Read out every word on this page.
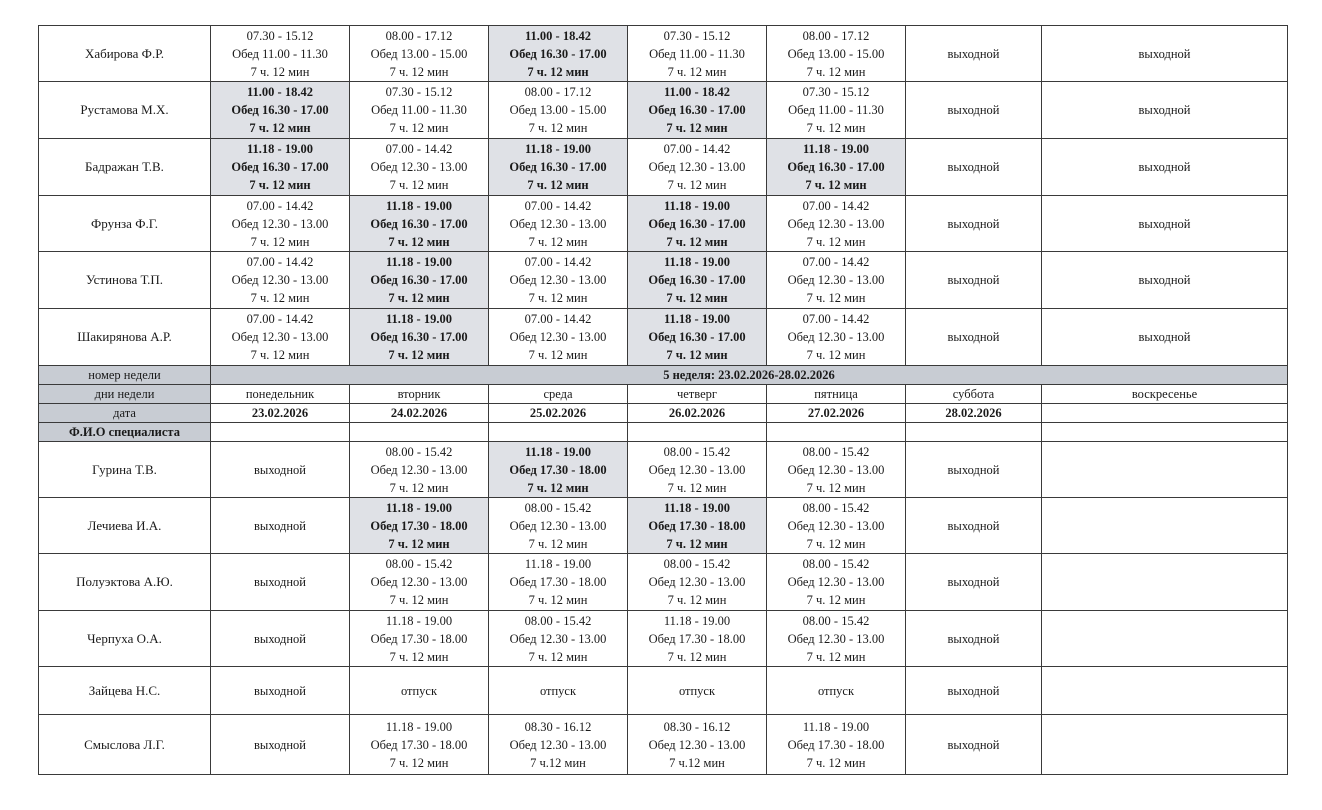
Хабирова Ф.Р.	07.30 - 15.12
Обед 11.00 - 11.30
7 ч. 12 мин	08.00 - 17.12
Обед 13.00 - 15.00
7 ч. 12 мин	11.00 - 18.42
Обед 16.30 - 17.00
7 ч. 12 мин	07.30 - 15.12
Обед 11.00 - 11.30
7 ч. 12 мин	08.00 - 17.12
Обед 13.00 - 15.00
7 ч. 12 мин	выходной	выходной
Рустамова М.Х.	11.00 - 18.42
Обед 16.30 - 17.00
7 ч. 12 мин	07.30 - 15.12
Обед 11.00 - 11.30
7 ч. 12 мин	08.00 - 17.12
Обед 13.00 - 15.00
7 ч. 12 мин	11.00 - 18.42
Обед 16.30 - 17.00
7 ч. 12 мин	07.30 - 15.12
Обед 11.00 - 11.30
7 ч. 12 мин	выходной	выходной
Бадражан Т.В.	11.18 - 19.00
Обед 16.30 - 17.00
7 ч. 12 мин	07.00 - 14.42
Обед 12.30 - 13.00
7 ч. 12 мин	11.18 - 19.00
Обед 16.30 - 17.00
7 ч. 12 мин	07.00 - 14.42
Обед 12.30 - 13.00
7 ч. 12 мин	11.18 - 19.00
Обед 16.30 - 17.00
7 ч. 12 мин	выходной	выходной
Фрунза Ф.Г.	07.00 - 14.42
Обед 12.30 - 13.00
7 ч. 12 мин	11.18 - 19.00
Обед 16.30 - 17.00
7 ч. 12 мин	07.00 - 14.42
Обед 12.30 - 13.00
7 ч. 12 мин	11.18 - 19.00
Обед 16.30 - 17.00
7 ч. 12 мин	07.00 - 14.42
Обед 12.30 - 13.00
7 ч. 12 мин	выходной	выходной
Устинова Т.П.	07.00 - 14.42
Обед 12.30 - 13.00
7 ч. 12 мин	11.18 - 19.00
Обед 16.30 - 17.00
7 ч. 12 мин	07.00 - 14.42
Обед 12.30 - 13.00
7 ч. 12 мин	11.18 - 19.00
Обед 16.30 - 17.00
7 ч. 12 мин	07.00 - 14.42
Обед 12.30 - 13.00
7 ч. 12 мин	выходной	выходной
Шакирянова А.Р.	07.00 - 14.42
Обед 12.30 - 13.00
7 ч. 12 мин	11.18 - 19.00
Обед 16.30 - 17.00
7 ч. 12 мин	07.00 - 14.42
Обед 12.30 - 13.00
7 ч. 12 мин	11.18 - 19.00
Обед 16.30 - 17.00
7 ч. 12 мин	07.00 - 14.42
Обед 12.30 - 13.00
7 ч. 12 мин	выходной	выходной
номер недели	5 неделя: 23.02.2026-28.02.2026						
дни недели	понедельник	вторник	среда	четверг	пятница	суббота	воскресенье
дата	23.02.2026	24.02.2026	25.02.2026	26.02.2026	27.02.2026	28.02.2026	
Ф.И.О специалиста							
Гурина Т.В.	выходной	08.00 - 15.42
Обед 12.30 - 13.00
7 ч. 12 мин	11.18 - 19.00
Обед 17.30 - 18.00
7 ч. 12 мин	08.00 - 15.42
Обед 12.30 - 13.00
7 ч. 12 мин	08.00 - 15.42
Обед 12.30 - 13.00
7 ч. 12 мин	выходной	
Лечиева И.А.	выходной	11.18 - 19.00
Обед 17.30 - 18.00
7 ч. 12 мин	08.00 - 15.42
Обед 12.30 - 13.00
7 ч. 12 мин	11.18 - 19.00
Обед 17.30 - 18.00
7 ч. 12 мин	08.00 - 15.42
Обед 12.30 - 13.00
7 ч. 12 мин	выходной	
Полуэктова А.Ю.	выходной	08.00 - 15.42
Обед 12.30 - 13.00
7 ч. 12 мин	11.18 - 19.00
Обед 17.30 - 18.00
7 ч. 12 мин	08.00 - 15.42
Обед 12.30 - 13.00
7 ч. 12 мин	08.00 - 15.42
Обед 12.30 - 13.00
7 ч. 12 мин	выходной	
Черпуха О.А.	выходной	11.18 - 19.00
Обед 17.30 - 18.00
7 ч. 12 мин	08.00 - 15.42
Обед 12.30 - 13.00
7 ч. 12 мин	11.18 - 19.00
Обед 17.30 - 18.00
7 ч. 12 мин	08.00 - 15.42
Обед 12.30 - 13.00
7 ч. 12 мин	выходной	
Зайцева Н.С.	выходной	отпуск	отпуск	отпуск	отпуск	выходной	
Смыслова Л.Г.	выходной	11.18 - 19.00
Обед 17.30 - 18.00
7 ч. 12 мин	08.30 - 16.12
Обед 12.30 - 13.00
7 ч.12 мин	08.30 - 16.12
Обед 12.30 - 13.00
7 ч.12 мин	11.18 - 19.00
Обед 17.30 - 18.00
7 ч. 12 мин	выходной	
